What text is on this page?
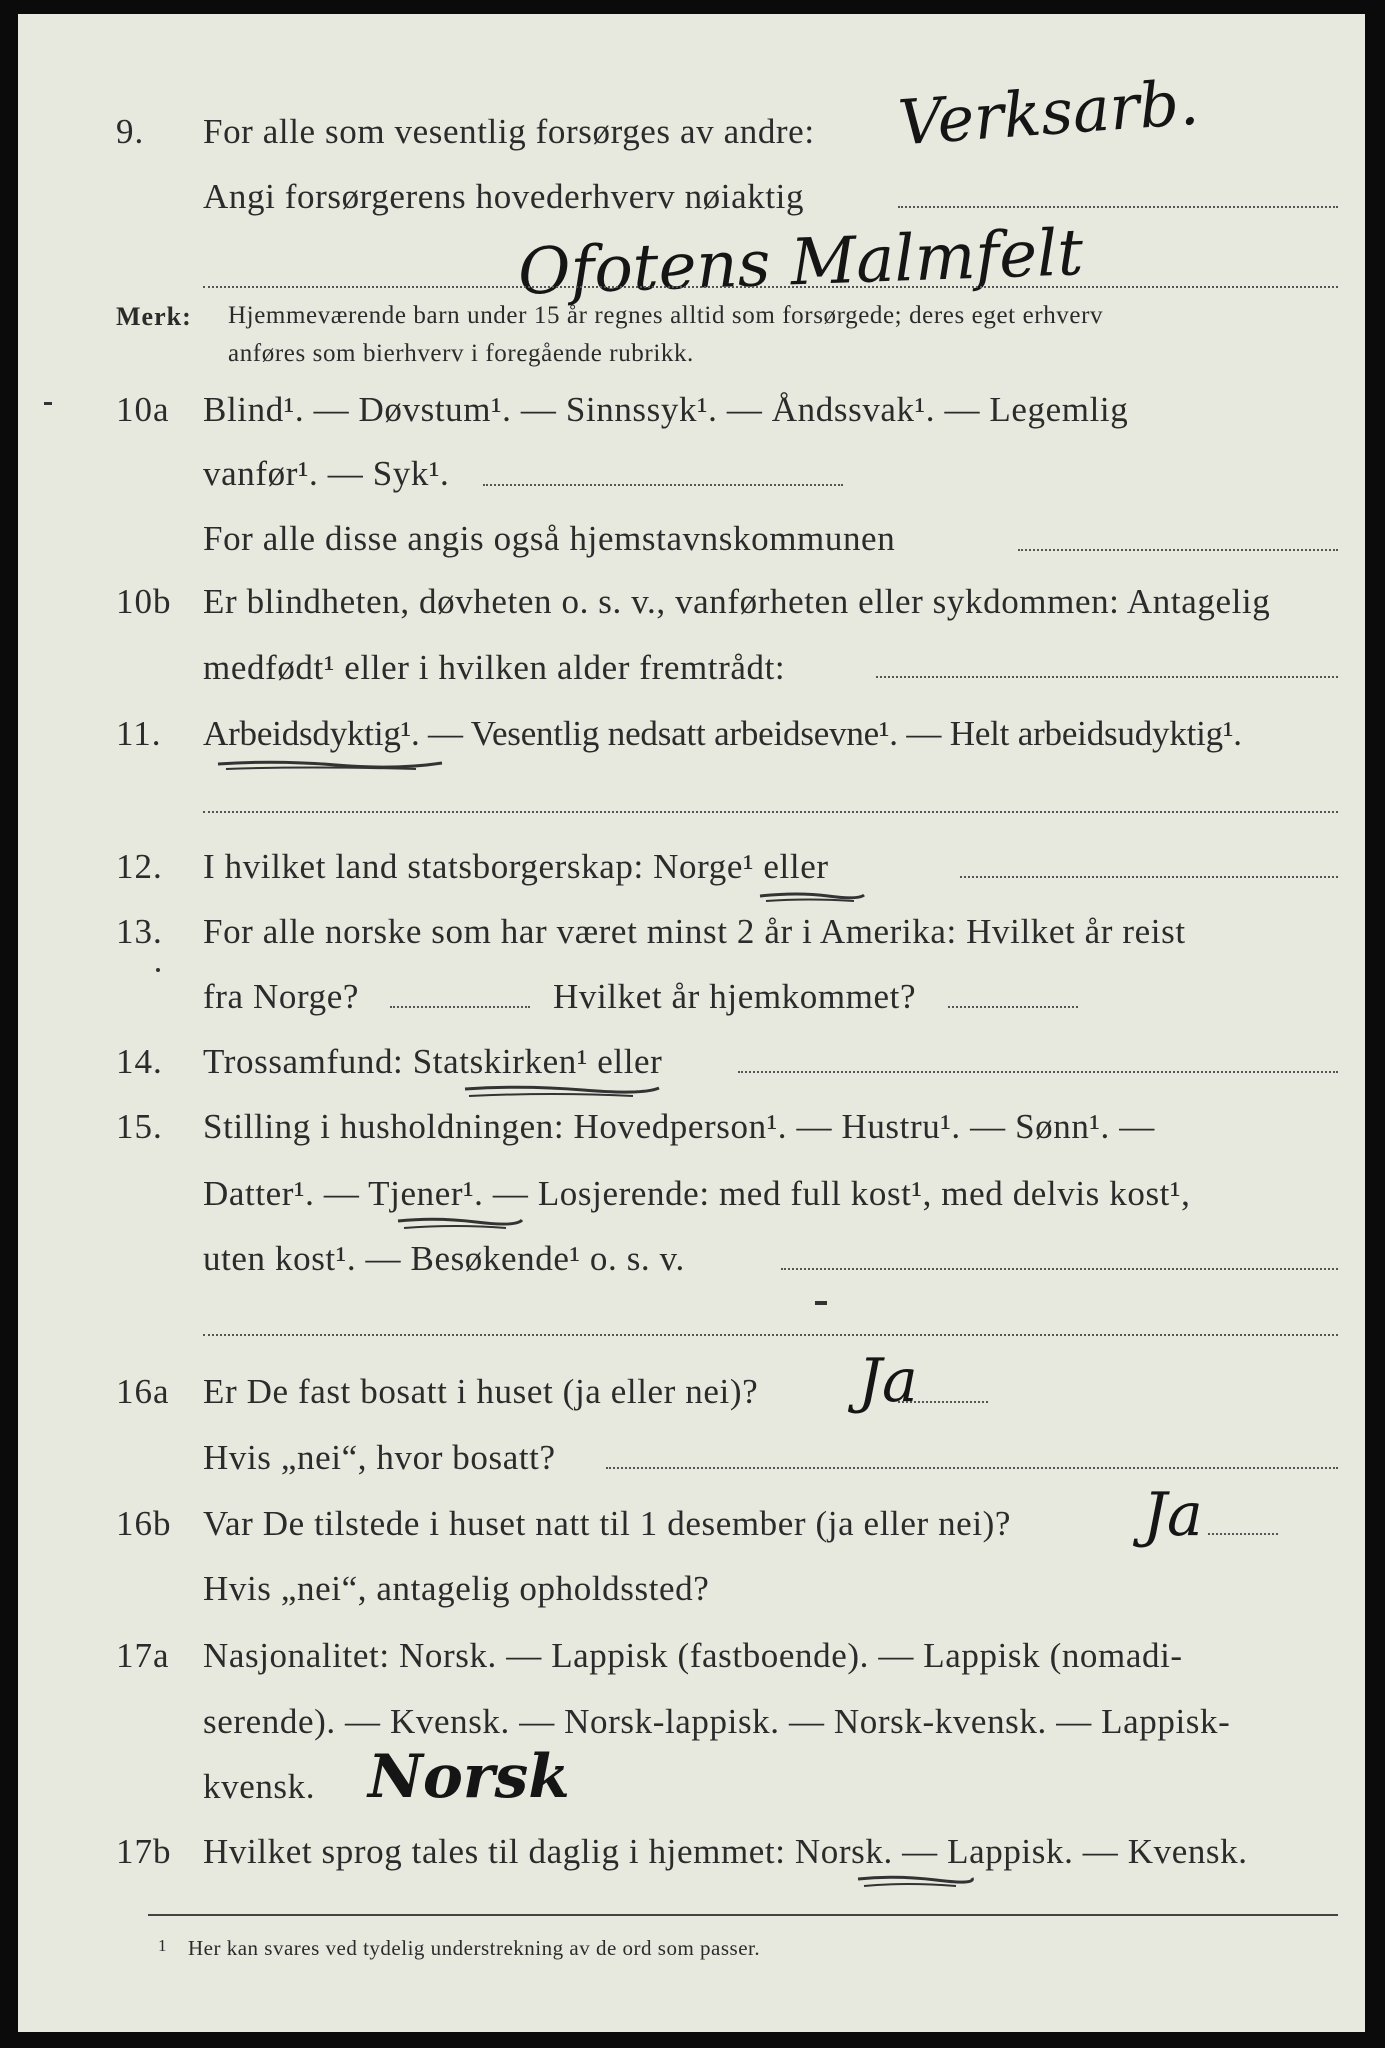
9. For alle som vesentlig forsørges av andre: Verksarb.
Angi forsørgerens hovederhverv nøiaktig
Ofotens Malmfelt
Merk: Hjemmeværende barn under 15 år regnes alltid som forsørgede; deres eget erhverv
anføres som bierhverv i foregående rubrikk.
10a Blind¹. — Døvstum¹. — Sinnssyk¹. — Åndssvak¹. — Legemlig
vanfør¹. — Syk¹.
For alle disse angis også hjemstavnskommunen
10b Er blindheten, døvheten o. s. v., vanførheten eller sykdommen: Antagelig
medfødt¹ eller i hvilken alder fremtrådt:
11. Arbeidsdyktig¹. — Vesentlig nedsatt arbeidsevne¹. — Helt arbeidsudyktig¹.
12. I hvilket land statsborgerskap: Norge¹ eller
13. For alle norske som har været minst 2 år i Amerika: Hvilket år reist
fra Norge?	Hvilket år hjemkommet?
14. Trossamfund: Statskirken¹ eller
15. Stilling i husholdningen: Hovedperson¹. — Hustru¹. — Sønn¹. —
Datter¹. — Tjener¹. — Losjerende: med full kost¹, med delvis kost¹,
uten kost¹. — Besøkende¹ o. s. v.
16a Er De fast bosatt i huset (ja eller nei)? Ja
Hvis „nei“, hvor bosatt?
16b Var De tilstede i huset natt til 1 desember (ja eller nei)? Ja
Hvis „nei“, antagelig opholdssted?
17a Nasjonalitet: Norsk. — Lappisk (fastboende). — Lappisk (nomadi-
serende). — Kvensk. — Norsk-lappisk. — Norsk-kvensk. — Lappisk-
kvensk. Norsk
17b Hvilket sprog tales til daglig i hjemmet: Norsk. — Lappisk. — Kvensk.
1 Her kan svares ved tydelig understrekning av de ord som passer.
